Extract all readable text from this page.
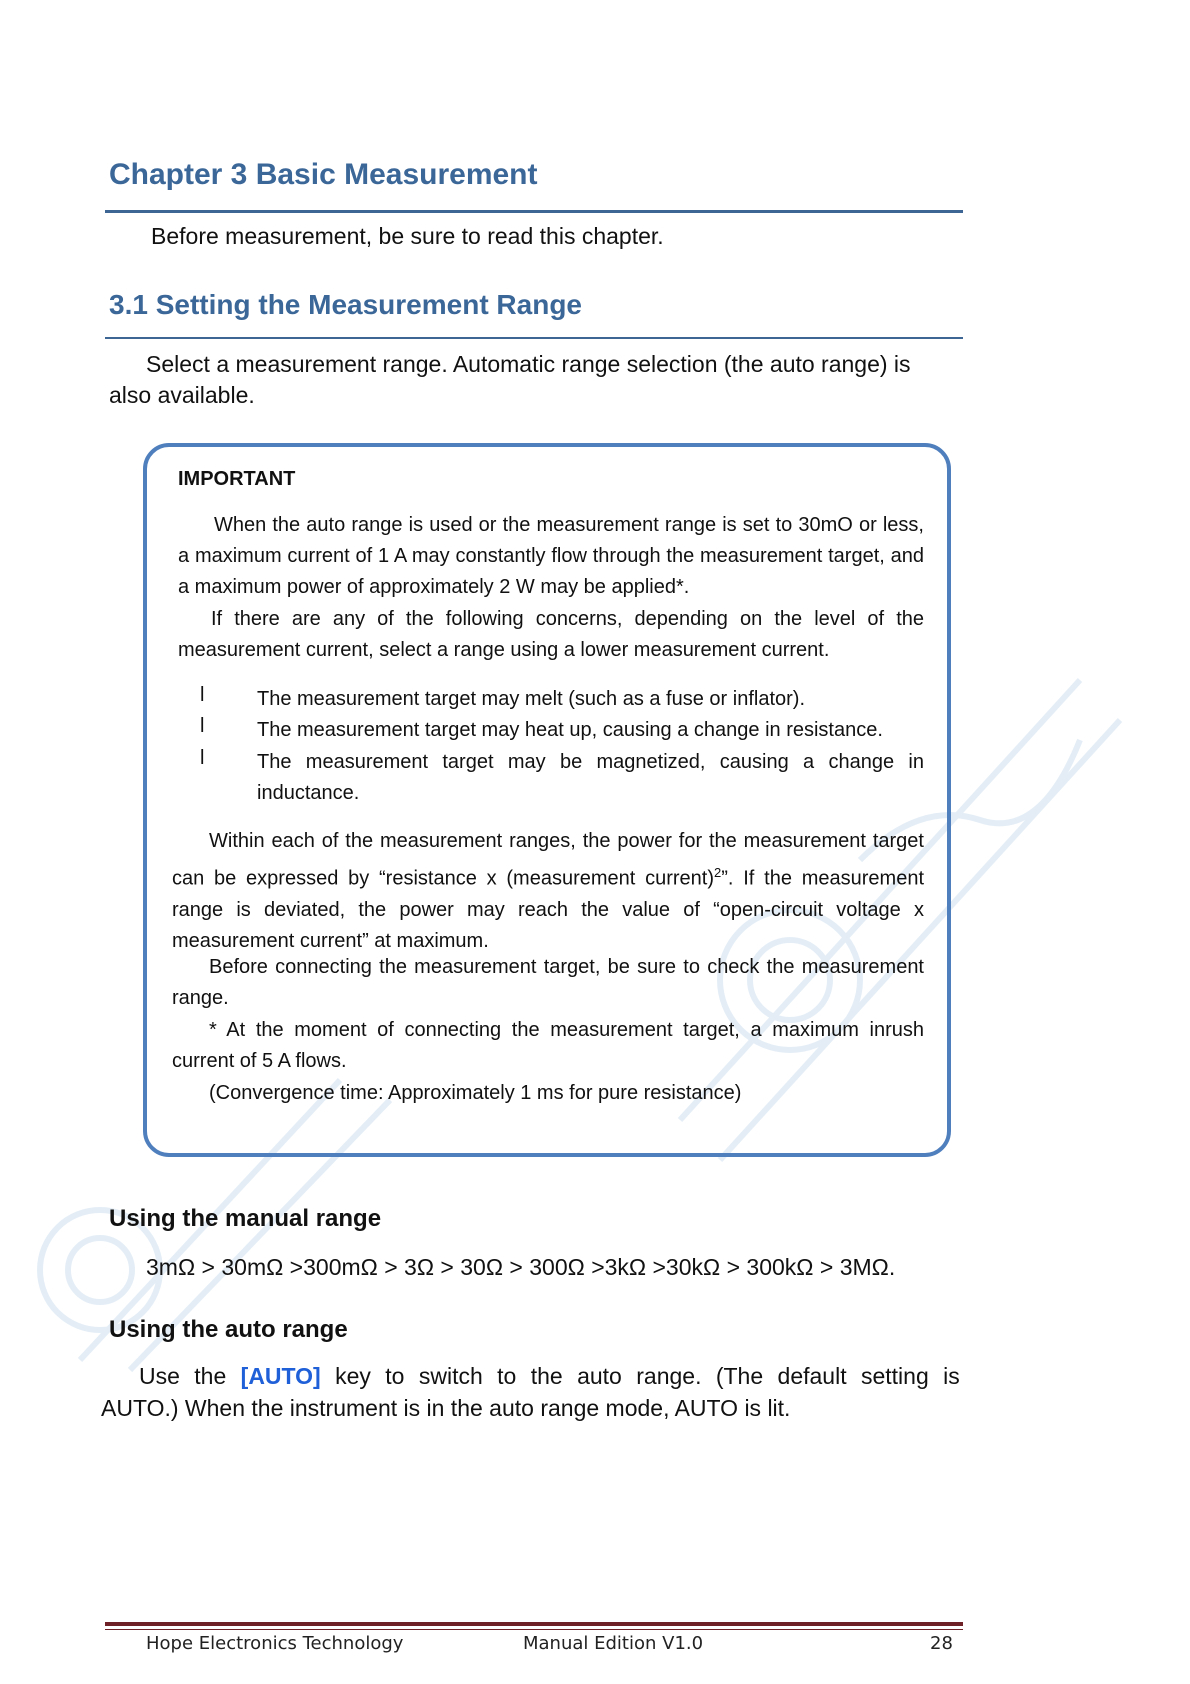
Chapter 3 Basic Measurement
Before measurement, be sure to read this chapter.
3.1 Setting the Measurement Range
Select a measurement range. Automatic range selection (the auto range) is
also available.
IMPORTANT
When the auto range is used or the measurement range is set to 30mO or less, a maximum current of 1 A may constantly flow through the measurement target, and a maximum power of approximately 2 W may be applied*.
If there are any of the following concerns, depending on the level of the measurement current, select a range using a lower measurement current.
l	The measurement target may melt (such as a fuse or inflator).
l	The measurement target may heat up, causing a change in resistance.
l	The measurement target may be magnetized, causing a change in inductance.
Within each of the measurement ranges, the power for the measurement target can be expressed by “resistance x (measurement current)$^2$”. If the measurement range is deviated, the power may reach the value of “open-circuit voltage x measurement current” at maximum.
Before connecting the measurement target, be sure to check the measurement range.
* At the moment of connecting the measurement target, a maximum inrush current of 5 A flows.
(Convergence time: Approximately 1 ms for pure resistance)
Using the manual range
3mΩ > 30mΩ >300mΩ > 3Ω > 30Ω > 300Ω >3kΩ >30kΩ > 300kΩ > 3MΩ.
Using the auto range
Use the [AUTO] key to switch to the auto range. (The default setting is
AUTO.) When the instrument is in the auto range mode, AUTO is lit.
Hope Electronics Technology	Manual Edition V1.0	28
